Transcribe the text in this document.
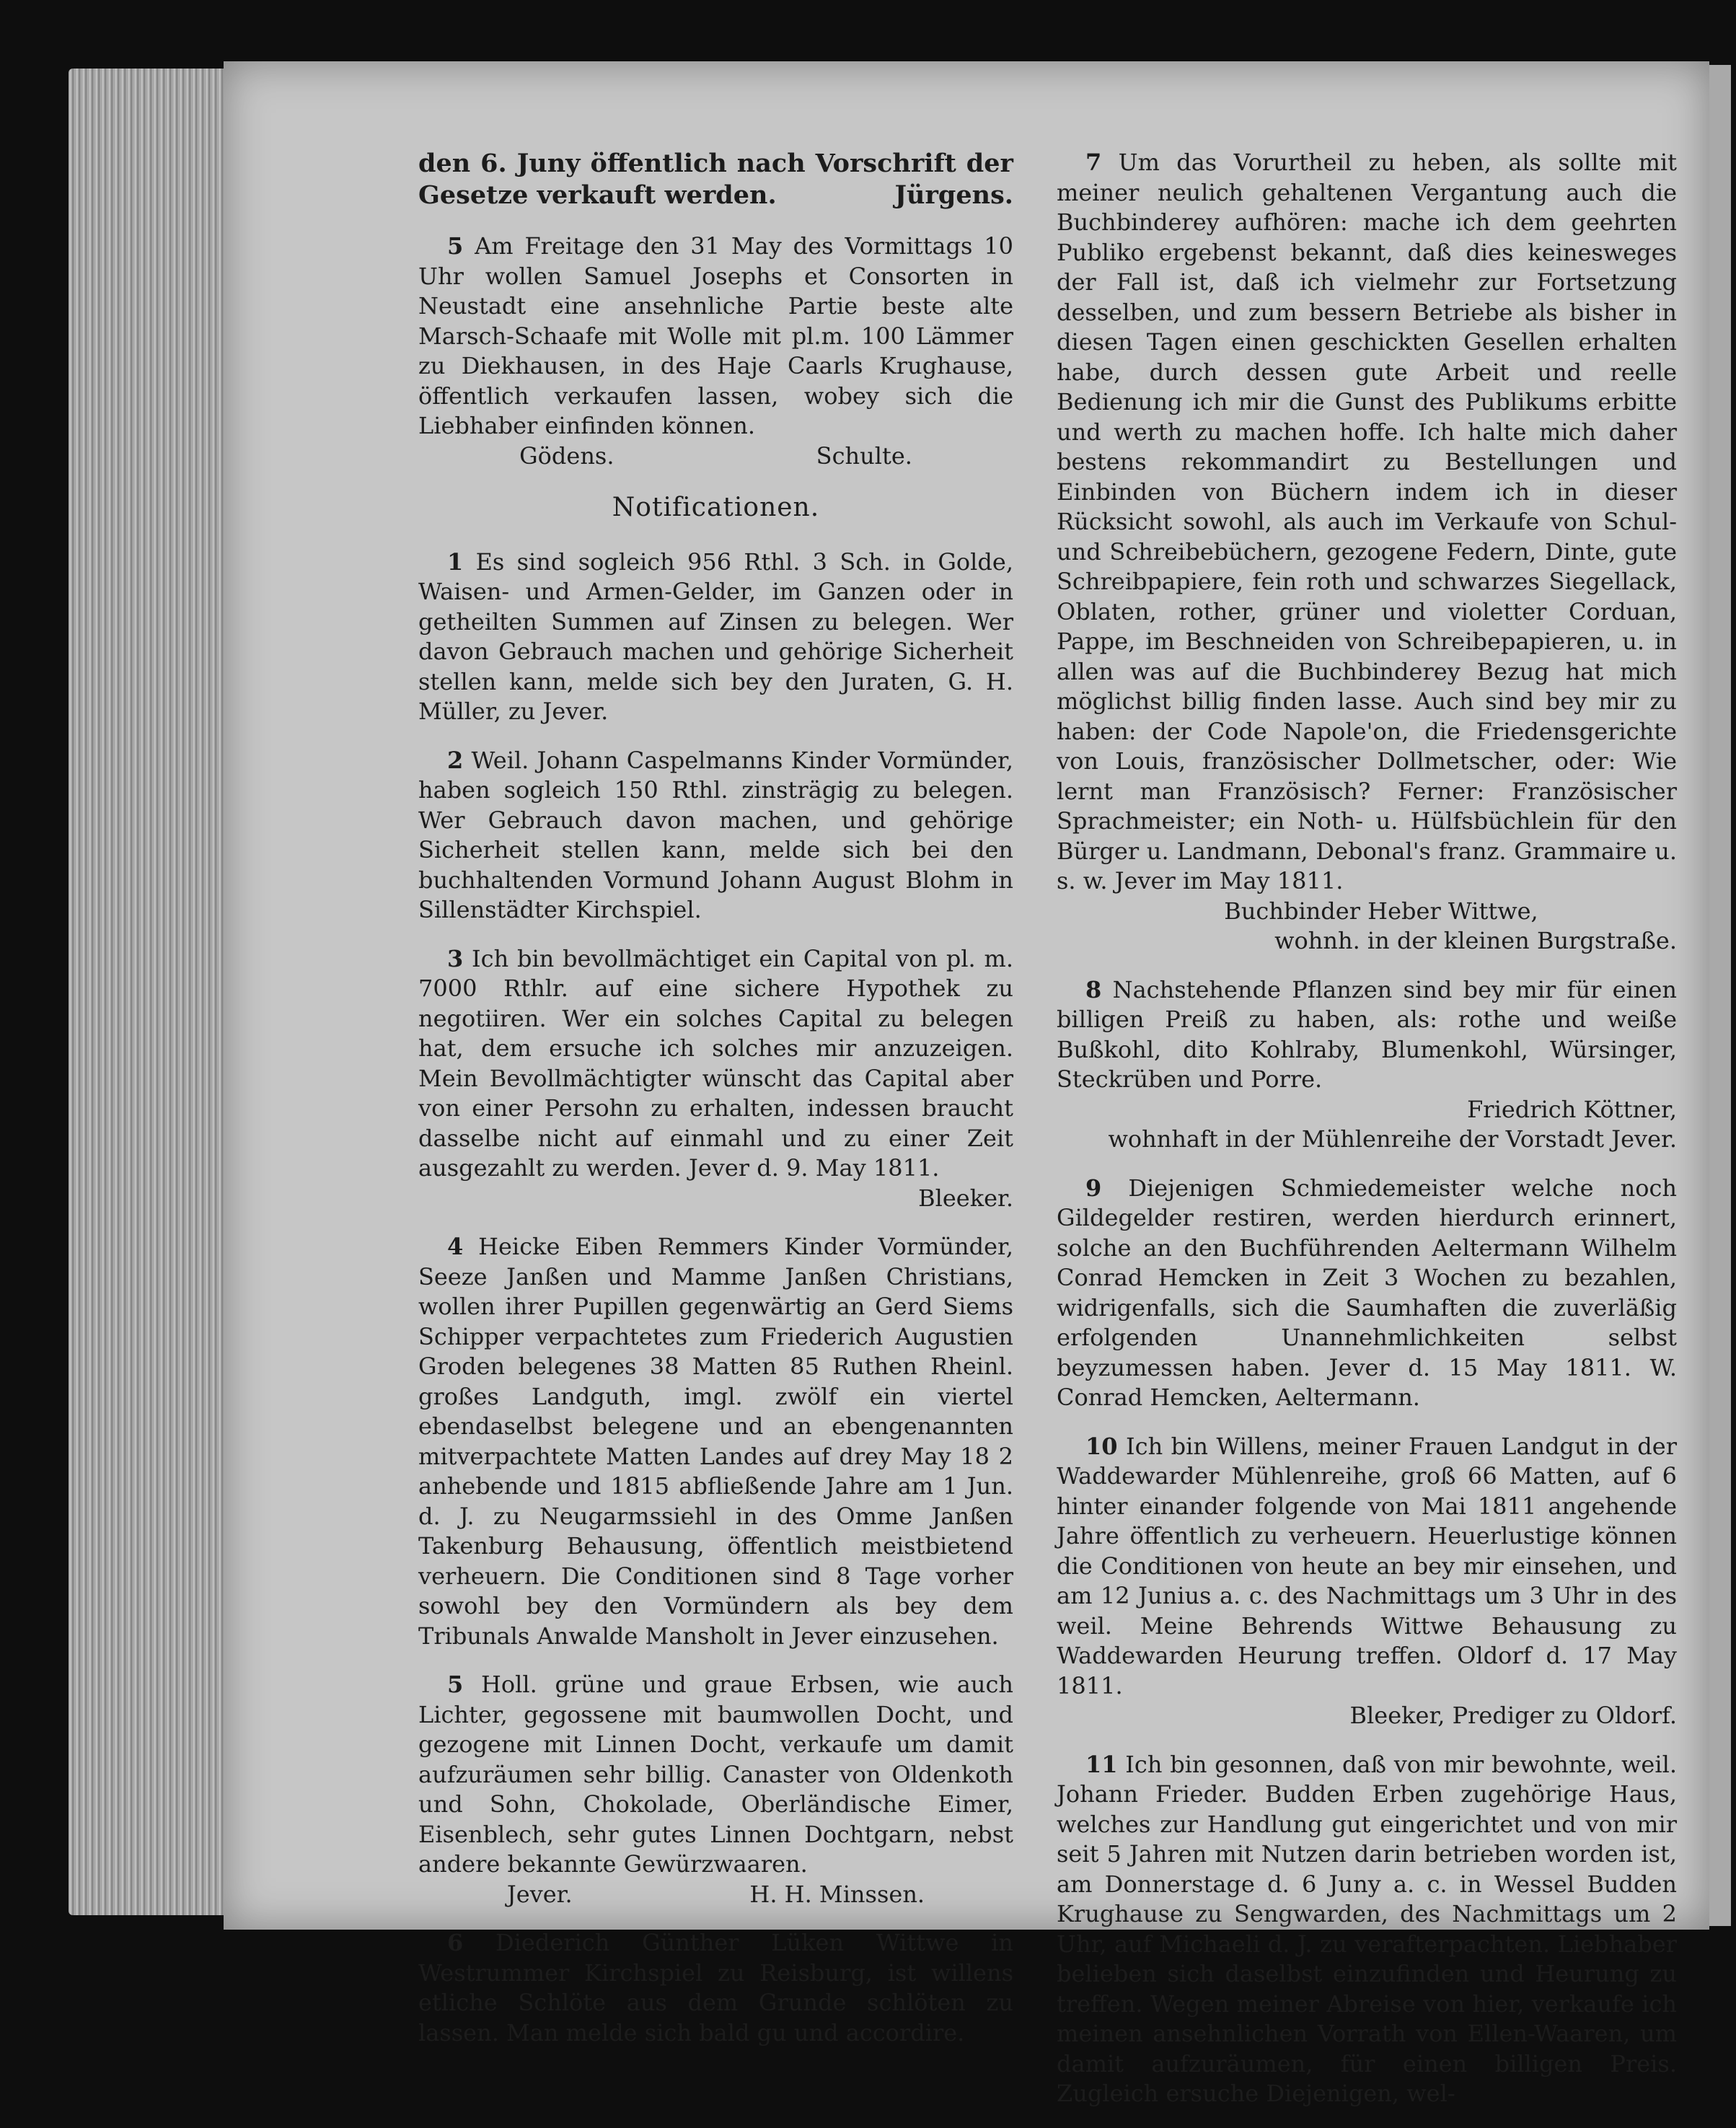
den 6. Juny öffentlich nach Vorschrift der Gesetze verkauft werden.	Jürgens.

5 Am Freitage den 31 May des Vormittags 10 Uhr wollen Samuel Josephs et Consorten in Neustadt eine ansehnliche Partie beste alte Marsch-Schaafe mit Wolle mit pl.m. 100 Lämmer zu Diekhausen, in des Haje Caarls Krughause, öffentlich verkaufen lassen, wobey sich die Liebhaber einfinden können.

Gödens.	Schulte.
Notificationen.

1 Es sind sogleich 956 Rthl. 3 Sch. in Golde, Waisen- und Armen-Gelder, im Ganzen oder in getheilten Summen auf Zinsen zu belegen. Wer davon Gebrauch machen und gehörige Sicherheit stellen kann, melde sich bey den Juraten, G. H. Müller, zu Jever.

2 Weil. Johann Caspelmanns Kinder Vormünder, haben sogleich 150 Rthl. zinsträgig zu belegen. Wer Gebrauch davon machen, und gehörige Sicherheit stellen kann, melde sich bei den buchhaltenden Vormund Johann August Blohm in Sillenstädter Kirchspiel.

3 Ich bin bevollmächtiget ein Capital von pl. m. 7000 Rthlr. auf eine sichere Hypothek zu negotiiren. Wer ein solches Capital zu belegen hat, dem ersuche ich solches mir anzuzeigen. Mein Bevollmächtigter wünscht das Capital aber von einer Persohn zu erhalten, indessen braucht dasselbe nicht auf einmahl und zu einer Zeit ausgezahlt zu werden. Jever d. 9. May 1811.

Bleeker.

4 Heicke Eiben Remmers Kinder Vormünder, Seeze Janßen und Mamme Janßen Christians, wollen ihrer Pupillen gegenwärtig an Gerd Siems Schipper verpachtetes zum Friederich Augustien Groden belegenes 38 Matten 85 Ruthen Rheinl. großes Landguth, imgl. zwölf ein viertel ebendaselbst belegene und an ebengenannten mitverpachtete Matten Landes auf drey May 18 2 anhebende und 1815 abfließende Jahre am 1 Jun. d. J. zu Neugarmssiehl in des Omme Janßen Takenburg Behausung, öffentlich meistbietend verheuern. Die Conditionen sind 8 Tage vorher sowohl bey den Vormündern als bey dem Tribunals Anwalde Mansholt in Jever einzusehen.

5 Holl. grüne und graue Erbsen, wie auch Lichter, gegossene mit baumwollen Docht, und gezogene mit Linnen Docht, verkaufe um damit aufzuräumen sehr billig. Canaster von Oldenkoth und Sohn, Chokolade, Oberländische Eimer, Eisenblech, sehr gutes Linnen Dochtgarn, nebst andere bekannte Gewürzwaaren.

Jever.	H. H. Minssen.

6 Diederich Günther Lüken Wittwe in Westrummer Kirchspiel zu Reisburg, ist willens etliche Schlöte aus dem Grunde schlöten zu lassen. Man melde sich bald gu und accordire.

7 Um das Vorurtheil zu heben, als sollte mit meiner neulich gehaltenen Vergantung auch die Buchbinderey aufhören: mache ich dem geehrten Publiko ergebenst bekannt, daß dies keinesweges der Fall ist, daß ich vielmehr zur Fortsetzung desselben, und zum bessern Betriebe als bisher in diesen Tagen einen geschickten Gesellen erhalten habe, durch dessen gute Arbeit und reelle Bedienung ich mir die Gunst des Publikums erbitte und werth zu machen hoffe. Ich halte mich daher bestens rekommandirt zu Bestellungen und Einbinden von Büchern indem ich in dieser Rücksicht sowohl, als auch im Verkaufe von Schul- und Schreibebüchern, gezogene Federn, Dinte, gute Schreibpapiere, fein roth und schwarzes Siegellack, Oblaten, rother, grüner und violetter Corduan, Pappe, im Beschneiden von Schreibepapieren, u. in allen was auf die Buchbinderey Bezug hat mich möglichst billig finden lasse. Auch sind bey mir zu haben: der Code Napole'on, die Friedensgerichte von Louis, französischer Dollmetscher, oder: Wie lernt man Französisch? Ferner: Französischer Sprachmeister; ein Noth- u. Hülfsbüchlein für den Bürger u. Landmann, Debonal's franz. Grammaire u. s. w. Jever im May 1811.

Buchbinder Heber Wittwe,

wohnh. in der kleinen Burgstraße.

8 Nachstehende Pflanzen sind bey mir für einen billigen Preiß zu haben, als: rothe und weiße Bußkohl, dito Kohlraby, Blumenkohl, Würsinger, Steckrüben und Porre.

Friedrich Köttner,

wohnhaft in der Mühlenreihe der Vorstadt Jever.

9 Diejenigen Schmiedemeister welche noch Gildegelder restiren, werden hierdurch erinnert, solche an den Buchführenden Aeltermann Wilhelm Conrad Hemcken in Zeit 3 Wochen zu bezahlen, widrigenfalls, sich die Saumhaften die zuverläßig erfolgenden Unannehmlichkeiten selbst beyzumessen haben. Jever d. 15 May 1811. W. Conrad Hemcken, Aeltermann.

10 Ich bin Willens, meiner Frauen Landgut in der Waddewarder Mühlenreihe, groß 66 Matten, auf 6 hinter einander folgende von Mai 1811 angehende Jahre öffentlich zu verheuern. Heuerlustige können die Conditionen von heute an bey mir einsehen, und am 12 Junius a. c. des Nachmittags um 3 Uhr in des weil. Meine Behrends Wittwe Behausung zu Waddewarden Heurung treffen. Oldorf d. 17 May 1811.

Bleeker, Prediger zu Oldorf.

11 Ich bin gesonnen, daß von mir bewohnte, weil. Johann Frieder. Budden Erben zugehörige Haus, welches zur Handlung gut eingerichtet und von mir seit 5 Jahren mit Nutzen darin betrieben worden ist, am Donnerstage d. 6 Juny a. c. in Wessel Budden Krughause zu Sengwarden, des Nachmittags um 2 Uhr, auf Michaeli d. J. zu verafterpachten. Liebhaber belieben sich daselbst einzufinden und Heurung zu treffen. Wegen meiner Abreise von hier, verkaufe ich meinen ansehnlichen Vorrath von Ellen-Waaren, um damit aufzuräumen, für einen billigen Preis. Zugleich ersuche Diejenigen, wel-
